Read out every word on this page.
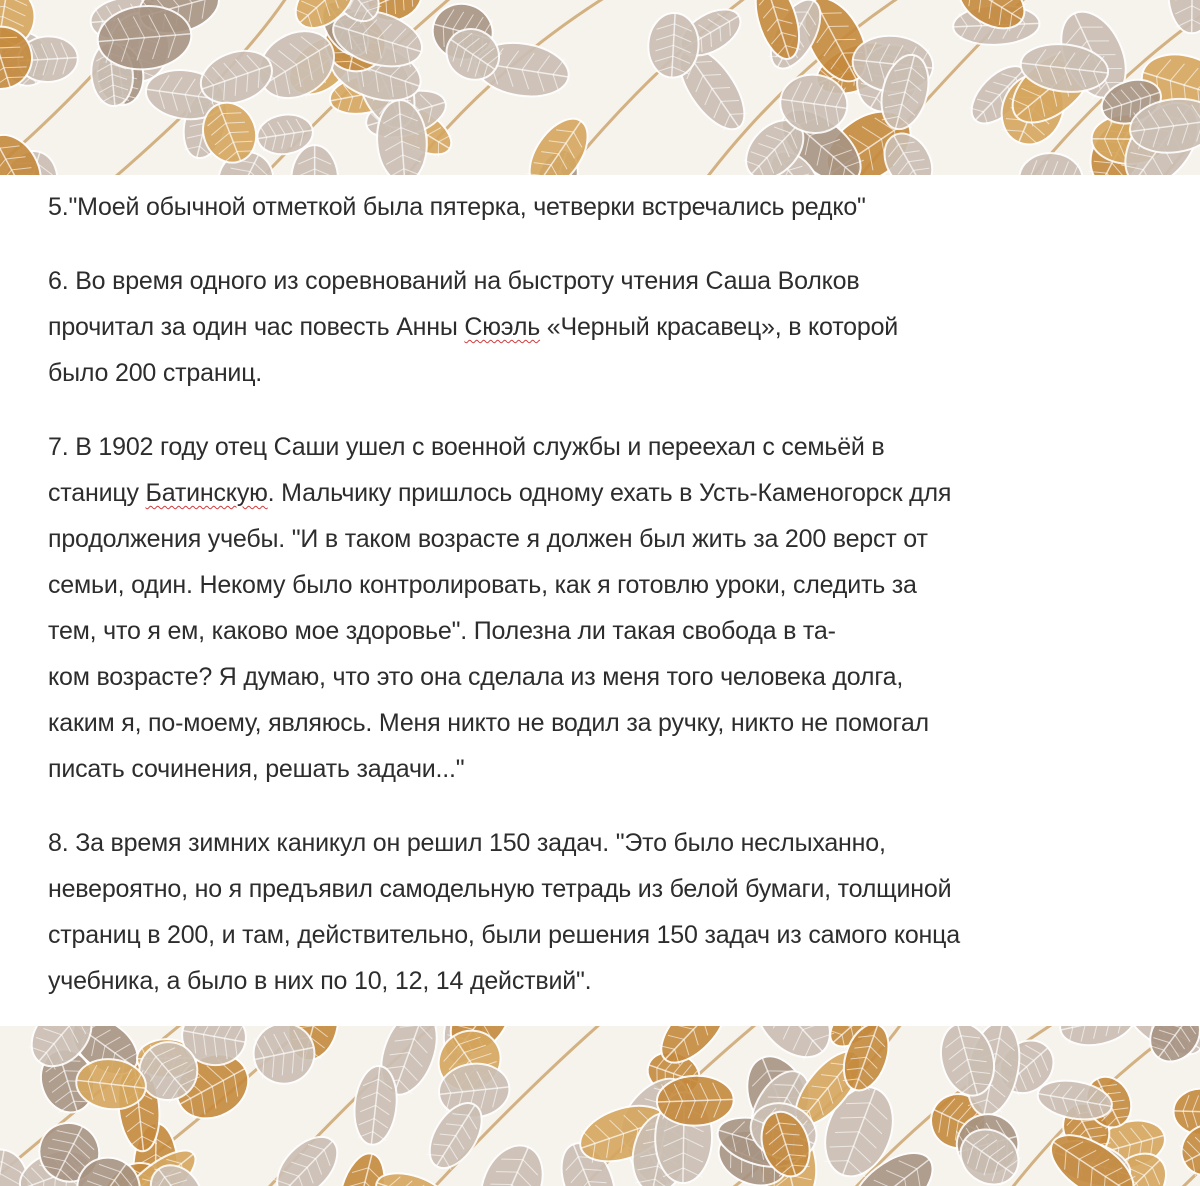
5."Моей обычной отметкой была пятерка, четверки встречались редко"
6. Во время одного из соревнований на быстроту чтения Саша Волков
прочитал за один час повесть Анны Сюэль «Черный красавец», в которой
было 200 страниц.
7. В 1902 году отец Саши ушел с военной службы и переехал с семьёй в
станицу Батинскую. Мальчику пришлось одному ехать в Усть-Каменогорск для
продолжения учебы. "И в таком возрасте я должен был жить за 200 верст от
семьи, один. Некому было контролировать, как я готовлю уроки, следить за
тем, что я ем, каково мое здоровье". Полезна ли такая свобода в та-
ком возрасте? Я думаю, что это она сделала из меня того человека долга,
каким я, по-моему, являюсь. Меня никто не водил за ручку, никто не помогал
писать сочинения, решать задачи..."
8. За время зимних каникул он решил 150 задач. "Это было неслыханно,
невероятно, но я предъявил самодельную тетрадь из белой бумаги, толщиной
страниц в 200, и там, действительно, были решения 150 задач из самого конца
учебника, а было в них по 10, 12, 14 действий".
